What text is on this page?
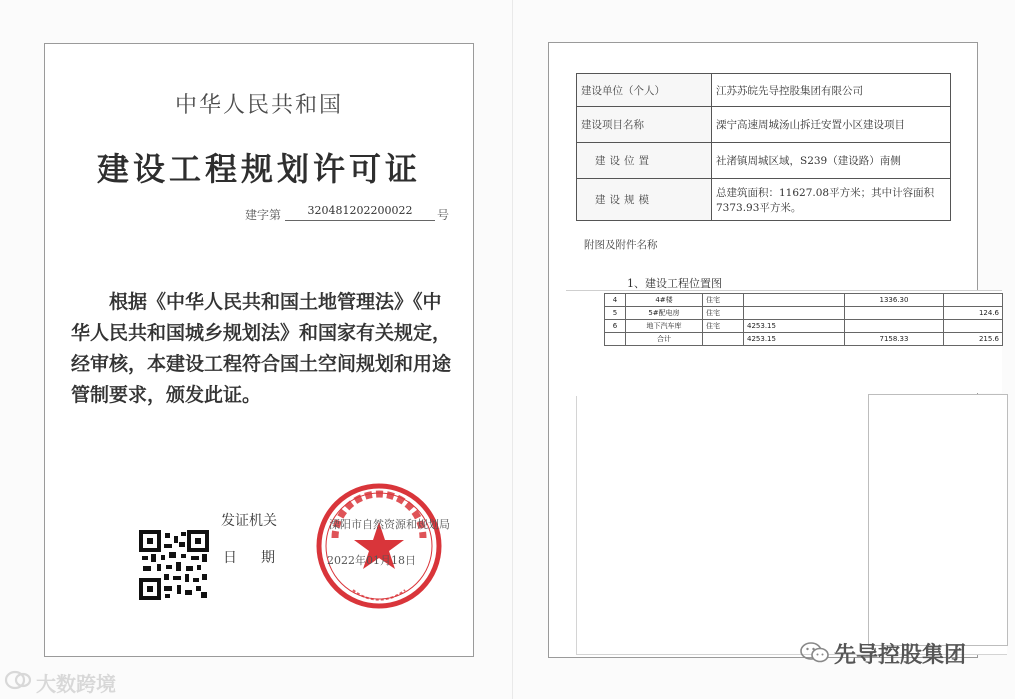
中华人民共和国
建设工程规划许可证
建字第	320481202200022	号
根据《中华人民共和国土地管理法》《中华人民共和国城乡规划法》和国家有关规定，经审核，本建设工程符合国土空间规划和用途管制要求，颁发此证。
发证机关
日期
溧阳市自然资源和规划局
2022年01月18日
建设单位（个人）	江苏苏皖先导控股集团有限公司
建设项目名称	溧宁高速周城汤山拆迁安置小区建设项目
建设位置	社渚镇周城区域，S239（建设路）南侧
建设规模	总建筑面积：11627.08平方米；其中计容面积7373.93平方米。
附图及附件名称
1、建设工程位置图
4	4#楼	住宅		1336.30	
5	5#配电房	住宅			124.6
6	地下汽车库	住宅	4253.15		
	合计		4253.15	7158.33	215.6
先导控股集团
大数跨境
